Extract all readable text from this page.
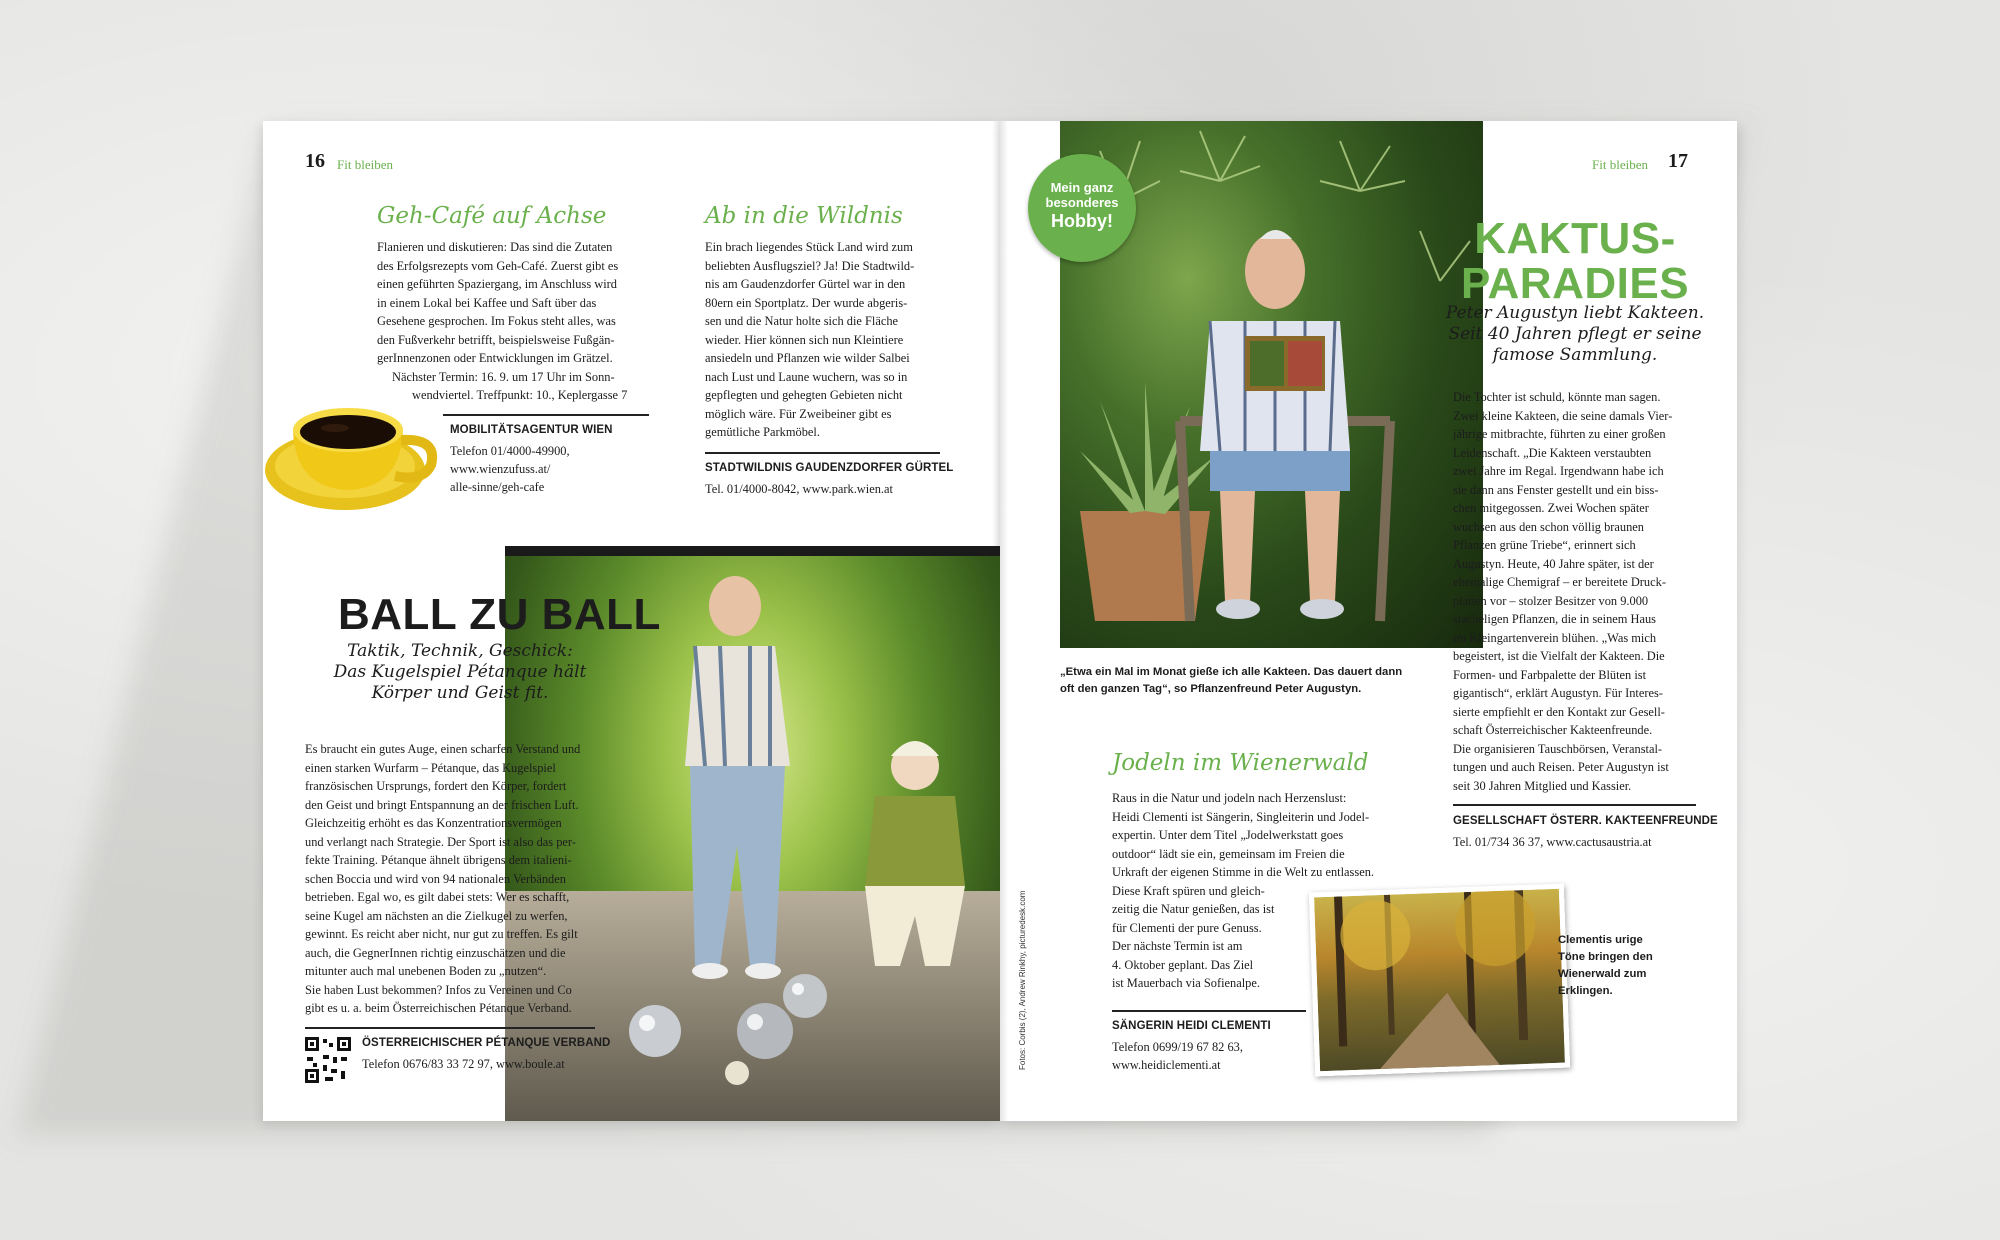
16 Fit bleiben
Geh-Café auf Achse

Flanieren und diskutieren: Das sind die Zutaten

des Erfolgsrezepts vom Geh-Café. Zuerst gibt es

einen geführten Spaziergang, im Anschluss wird

in einem Lokal bei Kaffee und Saft über das

Gesehene gesprochen. Im Fokus steht alles, was

den Fußverkehr betrifft, beispielsweise Fußgän-

gerInnenzonen oder Entwicklungen im Grätzel.

Nächster Termin: 16. 9. um 17 Uhr im Sonn-

wendviertel. Treffpunkt: 10., Keplergasse 7

MOBILITÄTSAGENTUR WIEN
Telefon 01/4000-49900,
www.wienzufuss.at/
alle-sinne/geh-cafe
Ab in die Wildnis

Ein brach liegendes Stück Land wird zum

beliebten Ausflugsziel? Ja! Die Stadtwild-

nis am Gaudenzdorfer Gürtel war in den

80ern ein Sportplatz. Der wurde abgeris-

sen und die Natur holte sich die Fläche

wieder. Hier können sich nun Kleintiere

ansiedeln und Pflanzen wie wilder Salbei

nach Lust und Laune wuchern, was so in

gepflegten und gehegten Gebieten nicht

möglich wäre. Für Zweibeiner gibt es

gemütliche Parkmöbel.

STADTWILDNIS GAUDENZDORFER GÜRTEL
Tel. 01/4000-8042, www.park.wien.at
BALL ZU BALL
Taktik, Technik, Geschick:
Das Kugelspiel Pétanque hält
Körper und Geist fit.

Es braucht ein gutes Auge, einen scharfen Verstand und

einen starken Wurfarm – Pétanque, das Kugelspiel

französischen Ursprungs, fordert den Körper, fordert

den Geist und bringt Entspannung an der frischen Luft.

Gleichzeitig erhöht es das Konzentrationsvermögen

und verlangt nach Strategie. Der Sport ist also das per-

fekte Training. Pétanque ähnelt übrigens dem italieni-

schen Boccia und wird von 94 nationalen Verbänden

betrieben. Egal wo, es gilt dabei stets: Wer es schafft,

seine Kugel am nächsten an die Zielkugel zu werfen,

gewinnt. Es reicht aber nicht, nur gut zu treffen. Es gilt

auch, die GegnerInnen richtig einzuschätzen und die

mitunter auch mal unebenen Boden zu „nutzen“.

Sie haben Lust bekommen? Infos zu Vereinen und Co

gibt es u. a. beim Österreichischen Pétanque Verband.

ÖSTERREICHISCHER PÉTANQUE VERBAND
Telefon 0676/83 33 72 97, www.boule.at
Mein ganz
besonderes
Hobby!
„Etwa ein Mal im Monat gieße ich alle Kakteen. Das dauert dann
oft den ganzen Tag“, so Pflanzenfreund Peter Augustyn.
Fotos: Corbis (2), Andrew Rinkhy, picturedesk.com
17
Fit bleiben
KAKTUS-
PARADIES
Peter Augustyn liebt Kakteen.
Seit 40 Jahren pflegt er seine
famose Sammlung.

Die Tochter ist schuld, könnte man sagen.

Zwei kleine Kakteen, die seine damals Vier-

jährige mitbrachte, führten zu einer großen

Leidenschaft. „Die Kakteen verstaubten

zwei Jahre im Regal. Irgendwann habe ich

sie dann ans Fenster gestellt und ein biss-

chen mitgegossen. Zwei Wochen später

wuchsen aus den schon völlig braunen

Pflanzen grüne Triebe“, erinnert sich

Augustyn. Heute, 40 Jahre später, ist der

ehemalige Chemigraf – er bereitete Druck-

platten vor – stolzer Besitzer von 9.000

stacheligen Pflanzen, die in seinem Haus

im Kleingartenverein blühen. „Was mich

begeistert, ist die Vielfalt der Kakteen. Die

Formen- und Farbpalette der Blüten ist

gigantisch“, erklärt Augustyn. Für Interes-

sierte empfiehlt er den Kontakt zur Gesell-

schaft Österreichischer Kakteenfreunde.

Die organisieren Tauschbörsen, Veranstal-

tungen und auch Reisen. Peter Augustyn ist

seit 30 Jahren Mitglied und Kassier.

GESELLSCHAFT ÖSTERR. KAKTEENFREUNDE
Tel. 01/734 36 37, www.cactusaustria.at
Jodeln im Wienerwald

Raus in die Natur und jodeln nach Herzenslust:

Heidi Clementi ist Sängerin, Singleiterin und Jodel-

expertin. Unter dem Titel „Jodelwerkstatt goes

outdoor“ lädt sie ein, gemeinsam im Freien die

Urkraft der eigenen Stimme in die Welt zu entlassen.

Diese Kraft spüren und gleich-

zeitig die Natur genießen, das ist

für Clementi der pure Genuss.

Der nächste Termin ist am

4. Oktober geplant. Das Ziel

ist Mauerbach via Sofienalpe.

SÄNGERIN HEIDI CLEMENTI
Telefon 0699/19 67 82 63,
www.heidiclementi.at
Clementis urige
Töne bringen den
Wienerwald zum
Erklingen.
